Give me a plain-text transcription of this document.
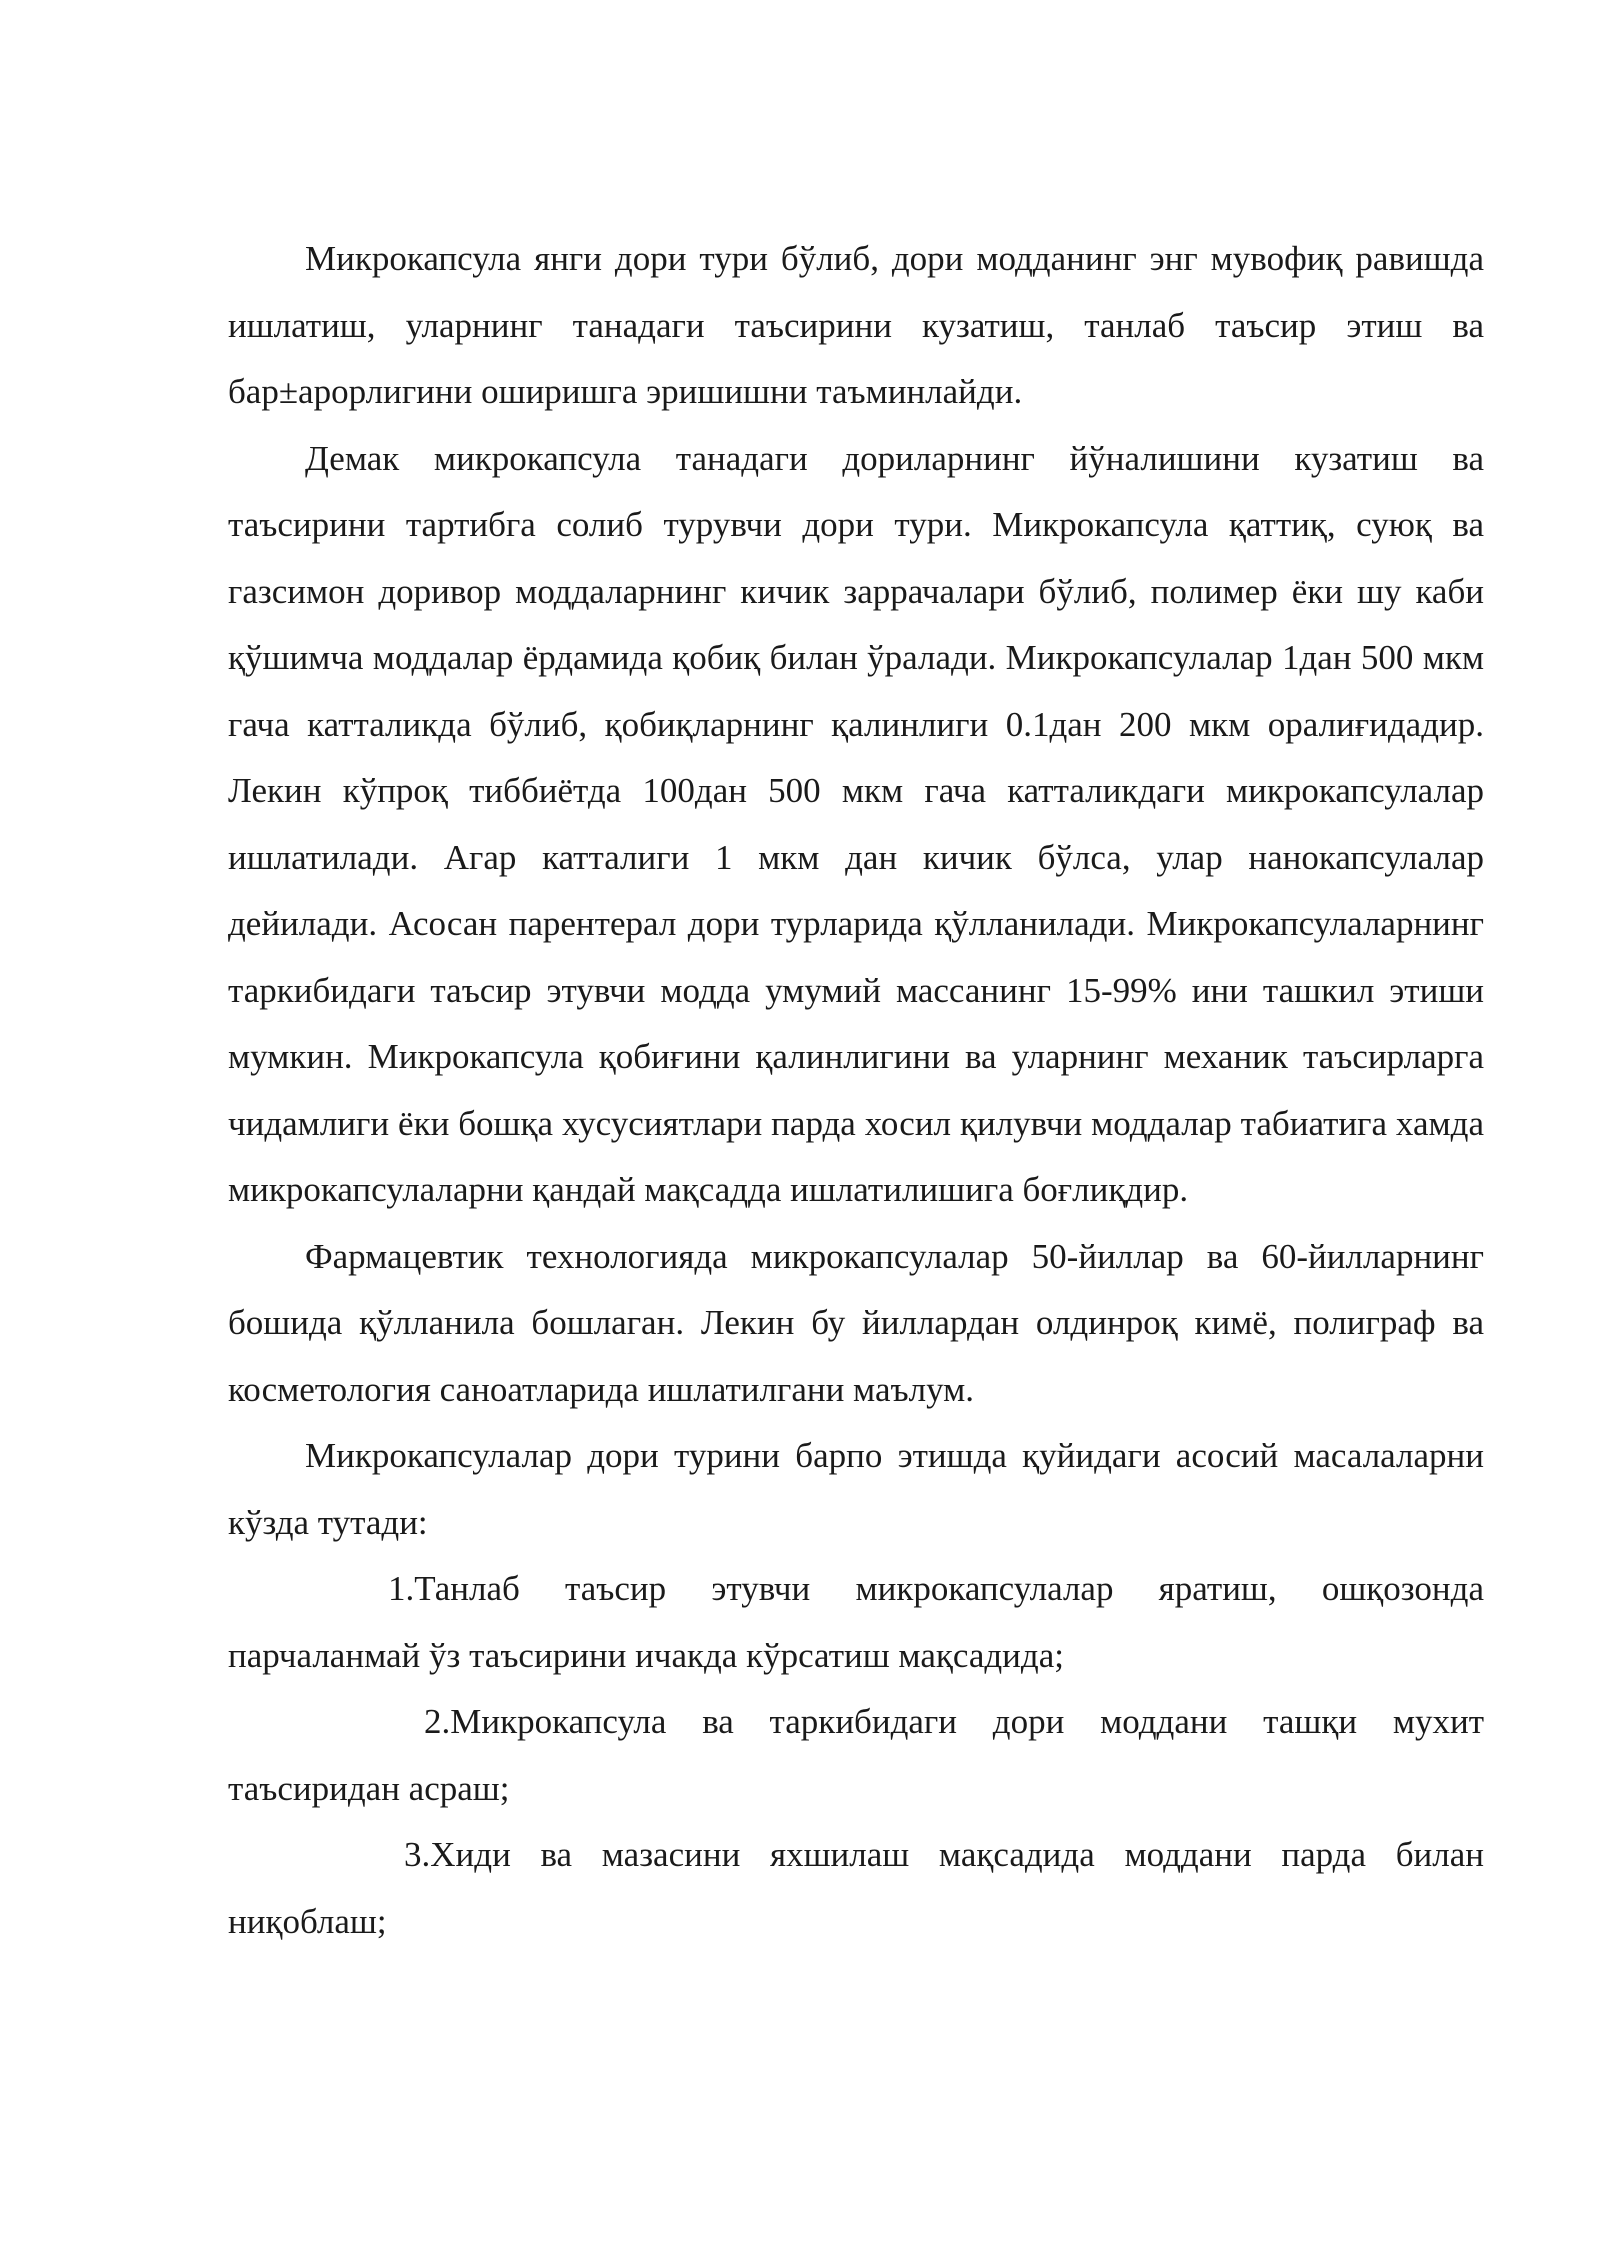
Микрокапсула янги дори тури бўлиб, дори модданинг энг мувофиқ равишда ишлатиш, уларнинг танадаги таъсирини кузатиш, танлаб таъсир этиш ва бар±арорлигини оширишга эришишни таъминлайди.

Демак микрокапсула танадаги дориларнинг йўналишини кузатиш ва таъсирини тартибга солиб турувчи дори тури. Микрокапсула қаттиқ, суюқ ва газсимон доривор моддаларнинг кичик заррачалари бўлиб, полимер ёки шу каби қўшимча моддалар ёрдамида қобиқ билан ўралади. Микрокапсулалар 1дан 500 мкм гача катталикда бўлиб, қобиқларнинг қалинлиги 0.1дан 200 мкм оралиғидадир. Лекин кўпроқ тиббиётда 100дан 500 мкм гача катталикдаги микрокапсулалар ишлатилади. Агар катталиги 1 мкм дан кичик бўлса, улар нанокапсулалар дейилади. Асосан парентерал дори турларида қўлланилади. Микрокапсулаларнинг таркибидаги таъсир этувчи модда умумий массанинг 15-99% ини ташкил этиши мумкин. Микрокапсула қобиғини қалинлигини ва уларнинг механик таъсирларга чидамлиги ёки бошқа хусусиятлари парда хосил қилувчи моддалар табиатига хамда микрокапсулаларни қандай мақсадда ишлатилишига боғлиқдир.

Фармацевтик технологияда микрокапсулалар 50-йиллар ва 60-йилларнинг бошида қўлланила бошлаган. Лекин бу йиллардан олдинроқ кимё, полиграф ва косметология саноатларида ишлатилгани маълум.

Микрокапсулалар дори турини барпо этишда қуйидаги асосий масалаларни кўзда тутади:

1.Танлаб таъсир этувчи микрокапсулалар яратиш, ошқозонда парчаланмай ўз таъсирини ичакда кўрсатиш мақсадида;

2.Микрокапсула ва таркибидаги дори моддани ташқи мухит таъсиридан асраш;

3.Хиди ва мазасини яхшилаш мақсадида моддани парда билан ниқоблаш;
